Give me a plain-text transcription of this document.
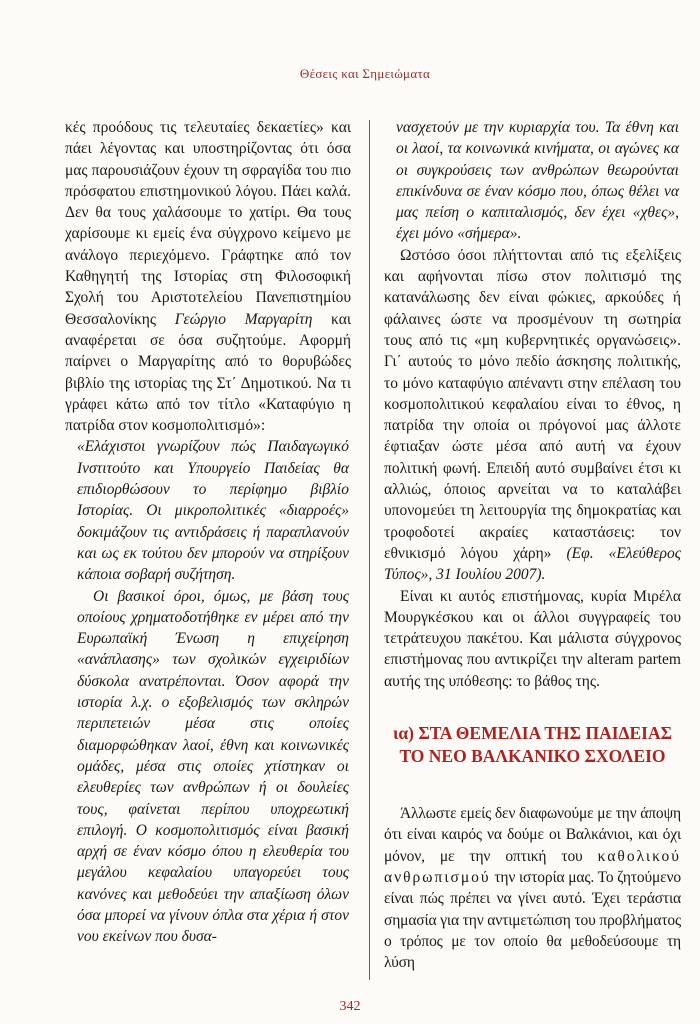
Θέσεις και Σημειώματα

κές προόδους τις τελευταίες δεκαετίες» και πάει λέγοντας και υποστηρίζοντας ότι όσα μας παρουσιάζουν έχουν τη σφραγίδα του πιο πρόσφατου επιστημονικού λόγου. Πάει καλά. Δεν θα τους χαλάσουμε το χατίρι. Θα τους χαρίσουμε κι εμείς ένα σύγχρονο κείμενο με ανάλογο περιεχόμενο. Γράφτηκε από τον Καθηγητή της Ιστορίας στη Φιλοσοφική Σχολή του Αριστοτελείου Πανεπιστημίου Θεσσαλονίκης Γεώργιο Μαργαρίτη και αναφέρεται σε όσα συζητούμε. Αφορμή παίρνει ο Μαργαρίτης από το θορυβώδες βιβλίο της ιστορίας της Στ΄ Δημοτικού. Να τι γράφει κάτω από τον τίτλο «Καταφύγιο η πατρίδα στον κοσμοπολιτισμό»:

«Ελάχιστοι γνωρίζουν πώς Παιδαγωγικό Ινστιτούτο και Υπουργείο Παιδείας θα επιδιορθώσουν το περίφημο βιβλίο Ιστορίας. Οι μικροπολιτικές «διαρροές» δοκιμάζουν τις αντιδράσεις ή παραπλανούν και ως εκ τούτου δεν μπορούν να στηρίξουν κάποια σοβαρή συζήτηση.

Οι βασικοί όροι, όμως, με βάση τους οποίους χρηματοδοτήθηκε εν μέρει από την Ευρωπαϊκή Ένωση η επιχείρηση «ανάπλασης» των σχολικών εγχειριδίων δύσκολα ανατρέπονται. Όσον αφορά την ιστορία λ.χ. ο εξοβελισμός των σκληρών περιπετειών μέσα στις οποίες διαμορφώθηκαν λαοί, έθνη και κοινωνικές ομάδες, μέσα στις οποίες χτίστηκαν οι ελευθερίες των ανθρώπων ή οι δουλείες τους, φαίνεται περίπου υποχρεωτική επιλογή. Ο κοσμοπολιτισμός είναι βασική αρχή σε έναν κόσμο όπου η ελευθερία του μεγάλου κεφαλαίου υπαγορεύει τους κανόνες και μεθοδεύει την απαξίωση όλων όσα μπορεί να γίνουν όπλα στα χέρια ή στον νου εκείνων που δυσα-

νασχετούν με την κυριαρχία του. Τα έθνη και οι λαοί, τα κοινωνικά κινήματα, οι αγώνες κα οι συγκρούσεις των ανθρώπων θεωρούνται επικίνδυνα σε έναν κόσμο που, όπως θέλει να μας πείση ο καπιταλισμός, δεν έχει «χθες», έχει μόνο «σήμερα».

Ωστόσο όσοι πλήττονται από τις εξελίξεις και αφήνονται πίσω στον πολιτισμό της κατανάλωσης δεν είναι φώκιες, αρκούδες ή φάλαινες ώστε να προσμένουν τη σωτηρία τους από τις «μη κυβερνητικές οργανώσεις». Γι΄ αυτούς το μόνο πεδίο άσκησης πολιτικής, το μόνο καταφύγιο απέναντι στην επέλαση του κοσμοπολιτικού κεφαλαίου είναι το έθνος, η πατρίδα την οποία οι πρόγονοί μας άλλοτε έφτιαξαν ώστε μέσα από αυτή να έχουν πολιτική φωνή. Επειδή αυτό συμβαίνει έτσι κι αλλιώς, όποιος αρνείται να το καταλάβει υπονομεύει τη λειτουργία της δημοκρατίας και τροφοδοτεί ακραίες καταστάσεις: τον εθνικισμό λόγου χάρη» (Εφ. «Ελεύθερος Τύπος», 31 Ιουλίου 2007).

Είναι κι αυτός επιστήμονας, κυρία Μιρέλα Μουργκέσκου και οι άλλοι συγγραφείς του τετράτευχου πακέτου. Και μάλιστα σύγχρονος επιστήμονας που αντικρίζει την alteram partem αυτής της υπόθεσης: το βάθος της.

ια) ΣΤΑ ΘΕΜΕΛΙΑ ΤΗΣ ΠΑΙΔΕΙΑΣ
ΤΟ ΝΕΟ ΒΑΛΚΑΝΙΚΟ ΣΧΟΛΕΙΟ

Άλλωστε εμείς δεν διαφωνούμε με την άποψη ότι είναι καιρός να δούμε οι Βαλκάνιοι, και όχι μόνον, με την οπτική του καθολικού ανθρωπισμού την ιστορία μας. Το ζητούμενο είναι πώς πρέπει να γίνει αυτό. Έχει τεράστια σημασία για την αντιμετώπιση του προβλήματος ο τρόπος με τον οποίο θα μεθοδεύσουμε τη λύση

342
